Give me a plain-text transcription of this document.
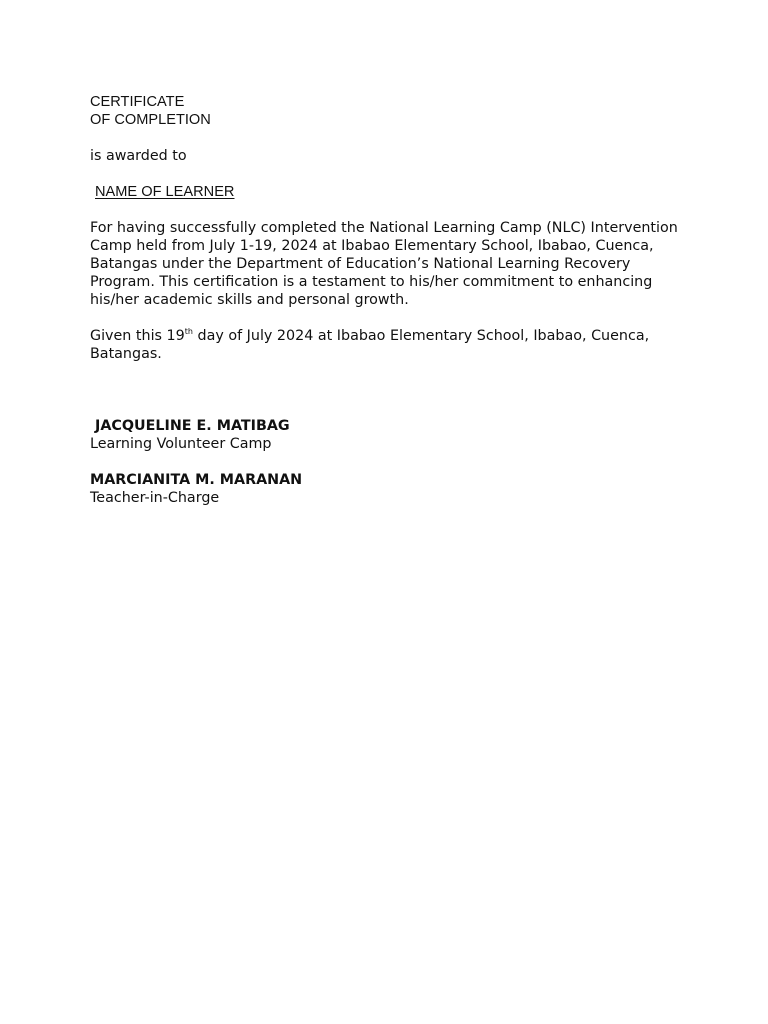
CERTIFICATE
OF COMPLETION
is awarded to
NAME OF LEARNER
For having successfully completed the National Learning Camp (NLC) Intervention Camp held from July 1-19, 2024 at Ibabao Elementary School, Ibabao, Cuenca, Batangas under the Department of Education’s National Learning Recovery Program. This certification is a testament to his/her commitment to enhancing his/her academic skills and personal growth.
Given this 19th day of July 2024 at Ibabao Elementary School, Ibabao, Cuenca, Batangas.
JACQUELINE E. MATIBAG
Learning Volunteer Camp
MARCIANITA M. MARANAN
Teacher-in-Charge
